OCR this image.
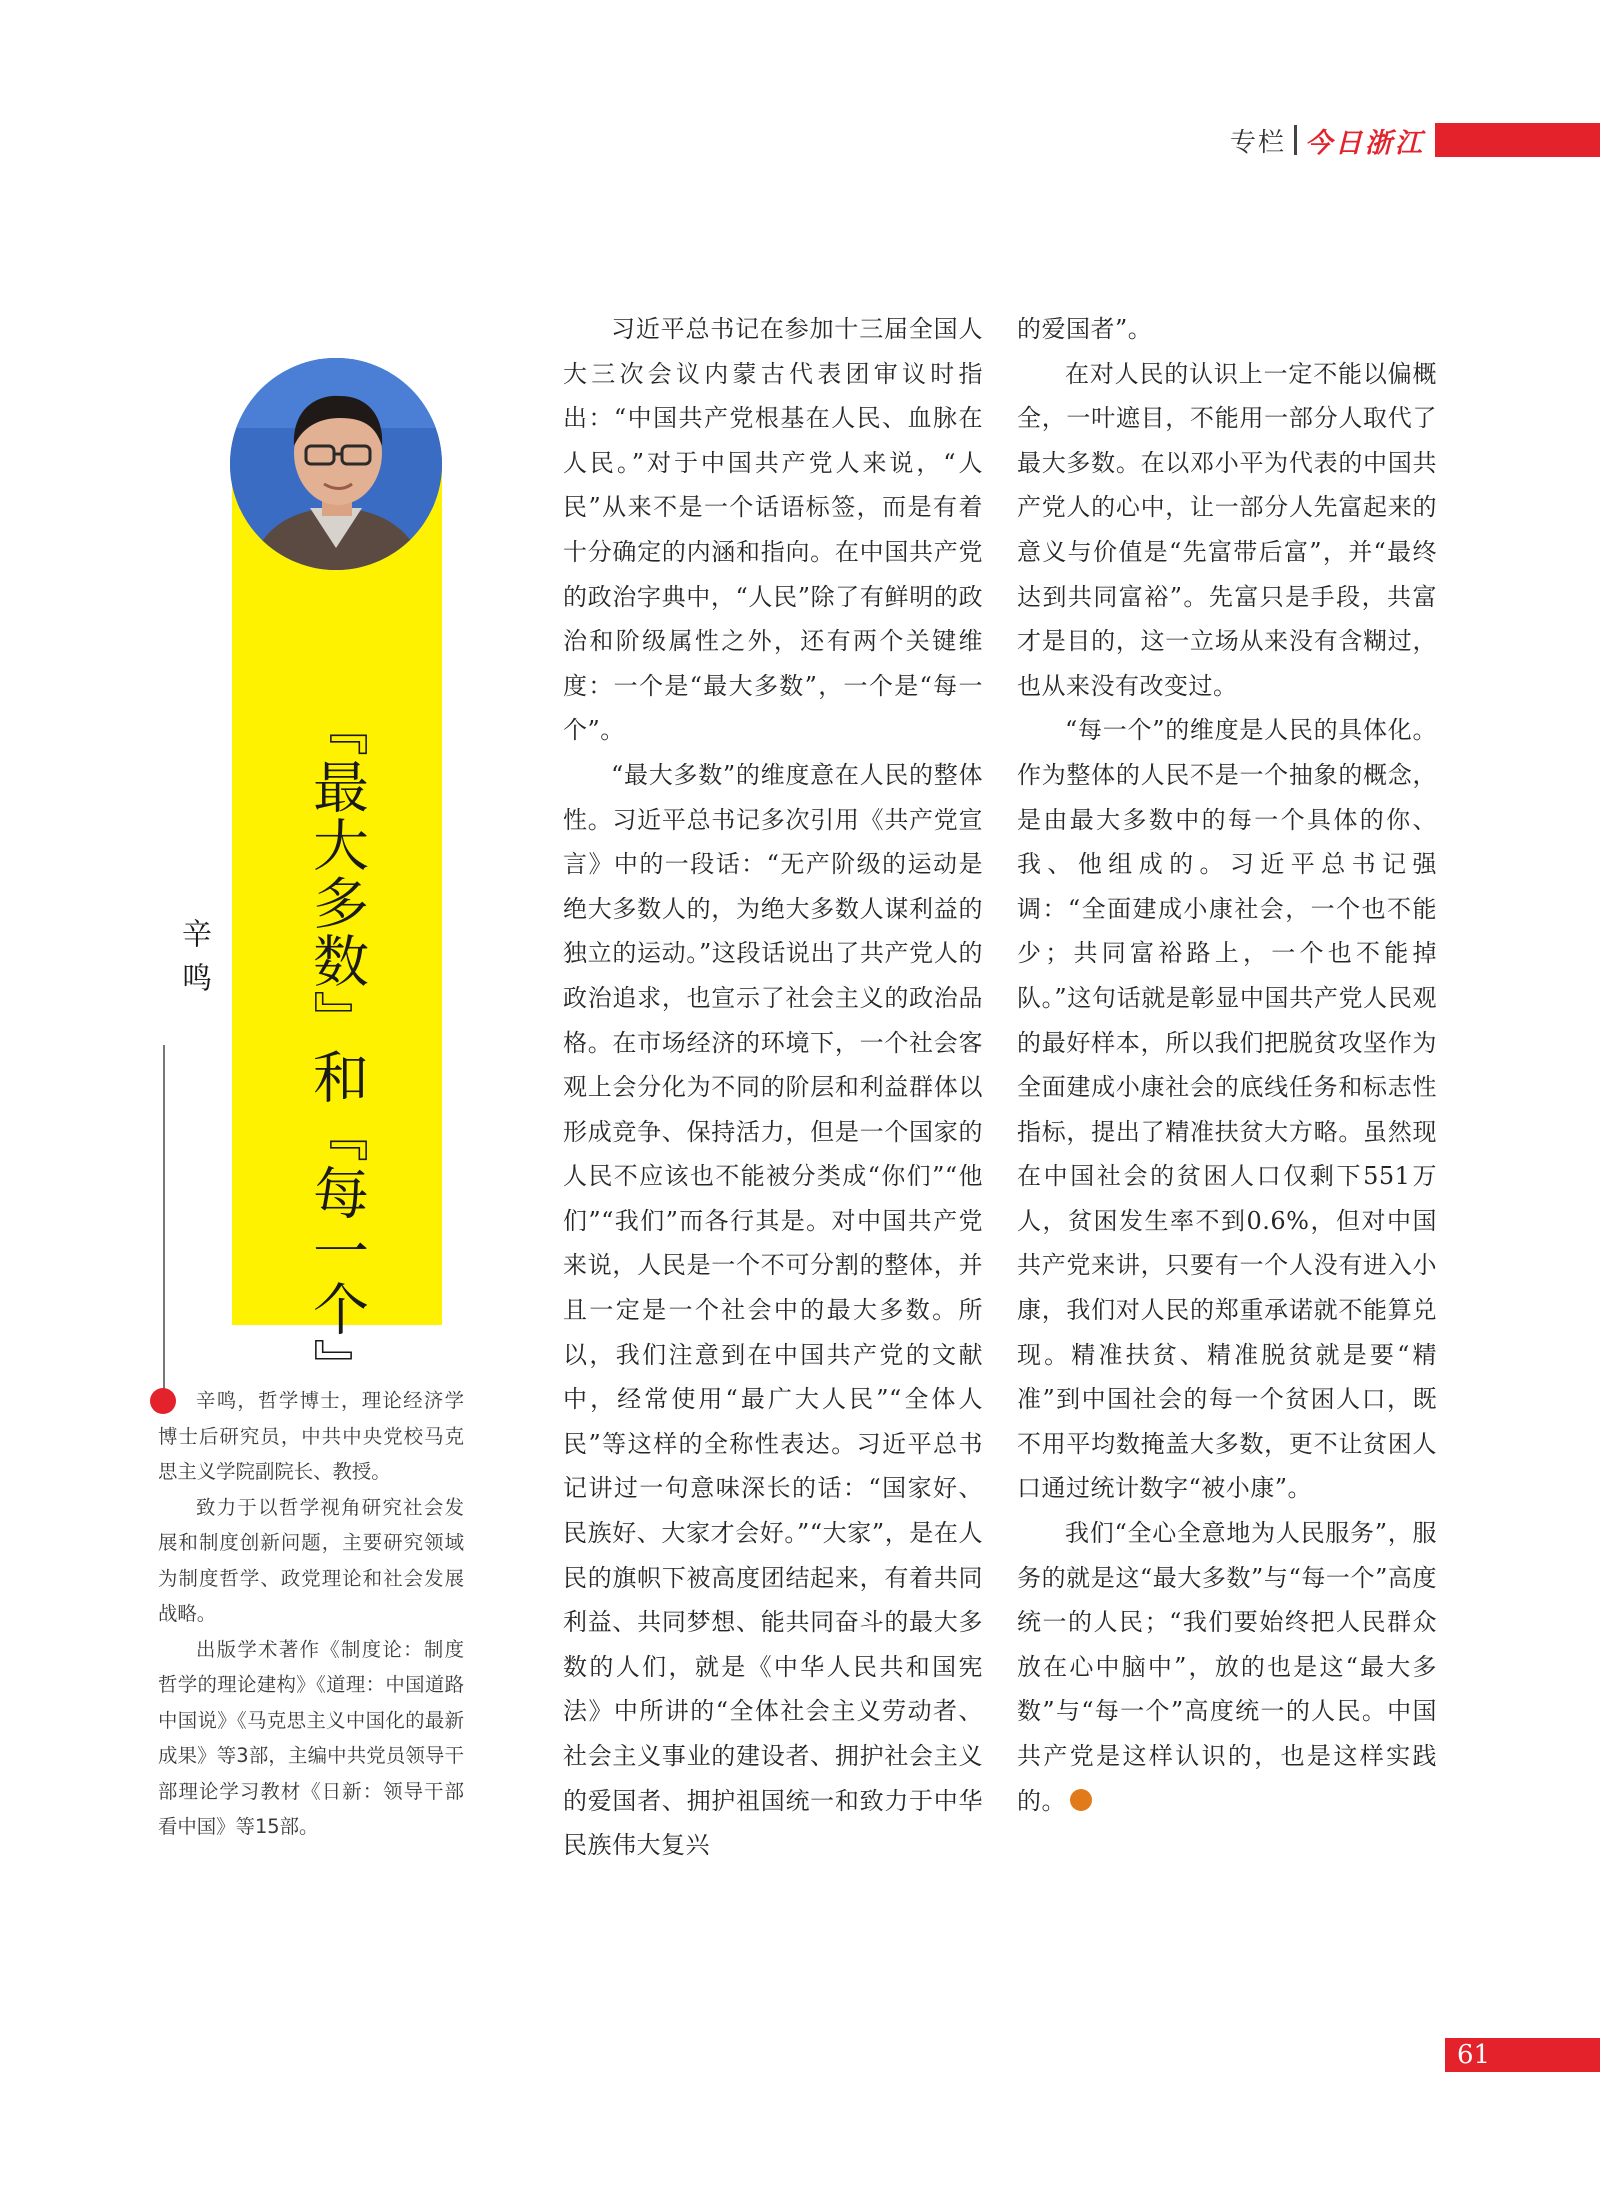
专栏 今日浙江
『最大多数』和『每一个』
辛鸣

辛鸣，哲学博士，理论经济学博士后研究员，中共中央党校马克思主义学院副院长、教授。

致力于以哲学视角研究社会发展和制度创新问题，主要研究领域为制度哲学、政党理论和社会发展战略。

出版学术著作《制度论：制度哲学的理论建构》《道理：中国道路中国说》《马克思主义中国化的最新成果》等3部，主编中共党员领导干部理论学习教材《日新：领导干部看中国》等15部。

习近平总书记在参加十三届全国人大三次会议内蒙古代表团审议时指出：“中国共产党根基在人民、血脉在人民。”对于中国共产党人来说，“人民”从来不是一个话语标签，而是有着十分确定的内涵和指向。在中国共产党的政治字典中，“人民”除了有鲜明的政治和阶级属性之外，还有两个关键维度：一个是“最大多数”，一个是“每一个”。

“最大多数”的维度意在人民的整体性。习近平总书记多次引用《共产党宣言》中的一段话：“无产阶级的运动是绝大多数人的，为绝大多数人谋利益的独立的运动。”这段话说出了共产党人的政治追求，也宣示了社会主义的政治品格。在市场经济的环境下，一个社会客观上会分化为不同的阶层和利益群体以形成竞争、保持活力，但是一个国家的人民不应该也不能被分类成“你们”“他们”“我们”而各行其是。对中国共产党来说，人民是一个不可分割的整体，并且一定是一个社会中的最大多数。所以，我们注意到在中国共产党的文献中，经常使用“最广大人民”“全体人民”等这样的全称性表达。习近平总书记讲过一句意味深长的话：“国家好、民族好、大家才会好。”“大家”，是在人民的旗帜下被高度团结起来，有着共同利益、共同梦想、能共同奋斗的最大多数的人们，就是《中华人民共和国宪法》中所讲的“全体社会主义劳动者、社会主义事业的建设者、拥护社会主义的爱国者、拥护祖国统一和致力于中华民族伟大复兴

的爱国者”。

在对人民的认识上一定不能以偏概全，一叶遮目，不能用一部分人取代了最大多数。在以邓小平为代表的中国共产党人的心中，让一部分人先富起来的意义与价值是“先富带后富”，并“最终达到共同富裕”。先富只是手段，共富才是目的，这一立场从来没有含糊过，也从来没有改变过。

“每一个”的维度是人民的具体化。作为整体的人民不是一个抽象的概念，是由最大多数中的每一个具体的你、我、他组成的。习近平总书记强调：“全面建成小康社会，一个也不能少；共同富裕路上，一个也不能掉队。”这句话就是彰显中国共产党人民观的最好样本，所以我们把脱贫攻坚作为全面建成小康社会的底线任务和标志性指标，提出了精准扶贫大方略。虽然现在中国社会的贫困人口仅剩下551万人，贫困发生率不到0.6%，但对中国共产党来讲，只要有一个人没有进入小康，我们对人民的郑重承诺就不能算兑现。精准扶贫、精准脱贫就是要“精准”到中国社会的每一个贫困人口，既不用平均数掩盖大多数，更不让贫困人口通过统计数字“被小康”。

我们“全心全意地为人民服务”，服务的就是这“最大多数”与“每一个”高度统一的人民；“我们要始终把人民群众放在心中脑中”，放的也是这“最大多数”与“每一个”高度统一的人民。中国共产党是这样认识的，也是这样实践的。

61
